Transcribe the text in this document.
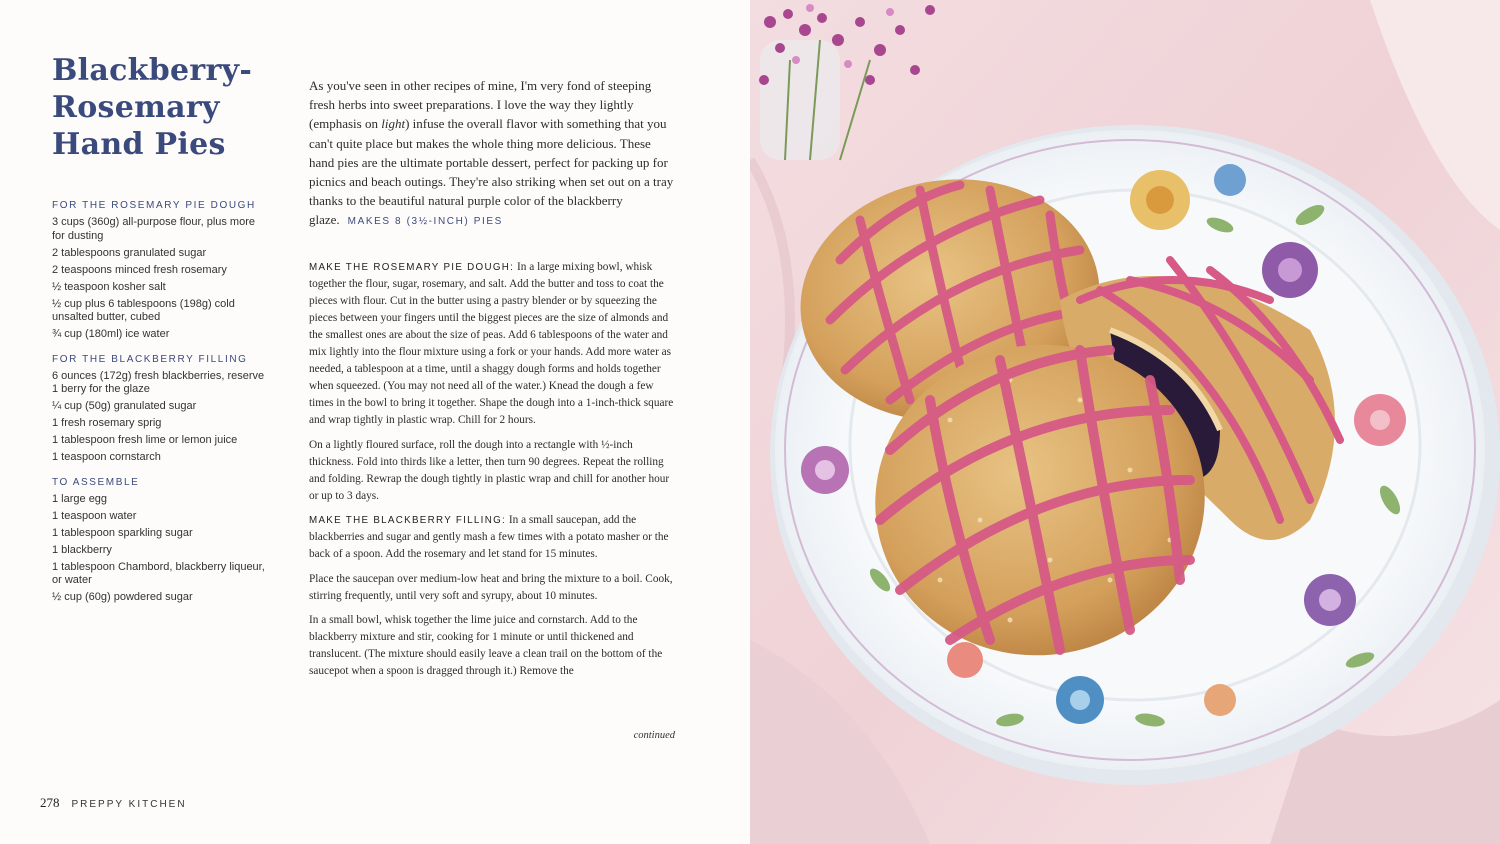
Blackberry-
Rosemary
Hand Pies
FOR THE ROSEMARY PIE DOUGH
3 cups (360g) all-purpose flour, plus more for dusting
2 tablespoons granulated sugar
2 teaspoons minced fresh rosemary
½ teaspoon kosher salt
½ cup plus 6 tablespoons (198g) cold unsalted butter, cubed
¾ cup (180ml) ice water
FOR THE BLACKBERRY FILLING
6 ounces (172g) fresh blackberries, reserve 1 berry for the glaze
¼ cup (50g) granulated sugar
1 fresh rosemary sprig
1 tablespoon fresh lime or lemon juice
1 teaspoon cornstarch
TO ASSEMBLE
1 large egg
1 teaspoon water
1 tablespoon sparkling sugar
1 blackberry
1 tablespoon Chambord, blackberry liqueur, or water
½ cup (60g) powdered sugar

As you've seen in other recipes of mine, I'm very fond of steeping fresh herbs into sweet preparations. I love the way they lightly (emphasis on light) infuse the overall flavor with something that you can't quite place but makes the whole thing more delicious. These hand pies are the ultimate portable dessert, perfect for packing up for picnics and beach outings. They're also striking when set out on a tray thanks to the beautiful natural purple color of the blackberry glaze. MAKES 8 (3½-INCH) PIES

MAKE THE ROSEMARY PIE DOUGH: In a large mixing bowl, whisk together the flour, sugar, rosemary, and salt. Add the butter and toss to coat the pieces with flour. Cut in the butter using a pastry blender or by squeezing the pieces between your fingers until the biggest pieces are the size of almonds and the smallest ones are about the size of peas. Add 6 tablespoons of the water and mix lightly into the flour mixture using a fork or your hands. Add more water as needed, a tablespoon at a time, until a shaggy dough forms and holds together when squeezed. (You may not need all of the water.) Knead the dough a few times in the bowl to bring it together. Shape the dough into a 1-inch-thick square and wrap tightly in plastic wrap. Chill for 2 hours.

On a lightly floured surface, roll the dough into a rectangle with ½-inch thickness. Fold into thirds like a letter, then turn 90 degrees. Repeat the rolling and folding. Rewrap the dough tightly in plastic wrap and chill for another hour or up to 3 days.

MAKE THE BLACKBERRY FILLING: In a small saucepan, add the blackberries and sugar and gently mash a few times with a potato masher or the back of a spoon. Add the rosemary and let stand for 15 minutes.

Place the saucepan over medium-low heat and bring the mixture to a boil. Cook, stirring frequently, until very soft and syrupy, about 10 minutes.

In a small bowl, whisk together the lime juice and cornstarch. Add to the blackberry mixture and stir, cooking for 1 minute or until thickened and translucent. (The mixture should easily leave a clean trail on the bottom of the saucepot when a spoon is dragged through it.) Remove the

continued
278 PREPPY KITCHEN
